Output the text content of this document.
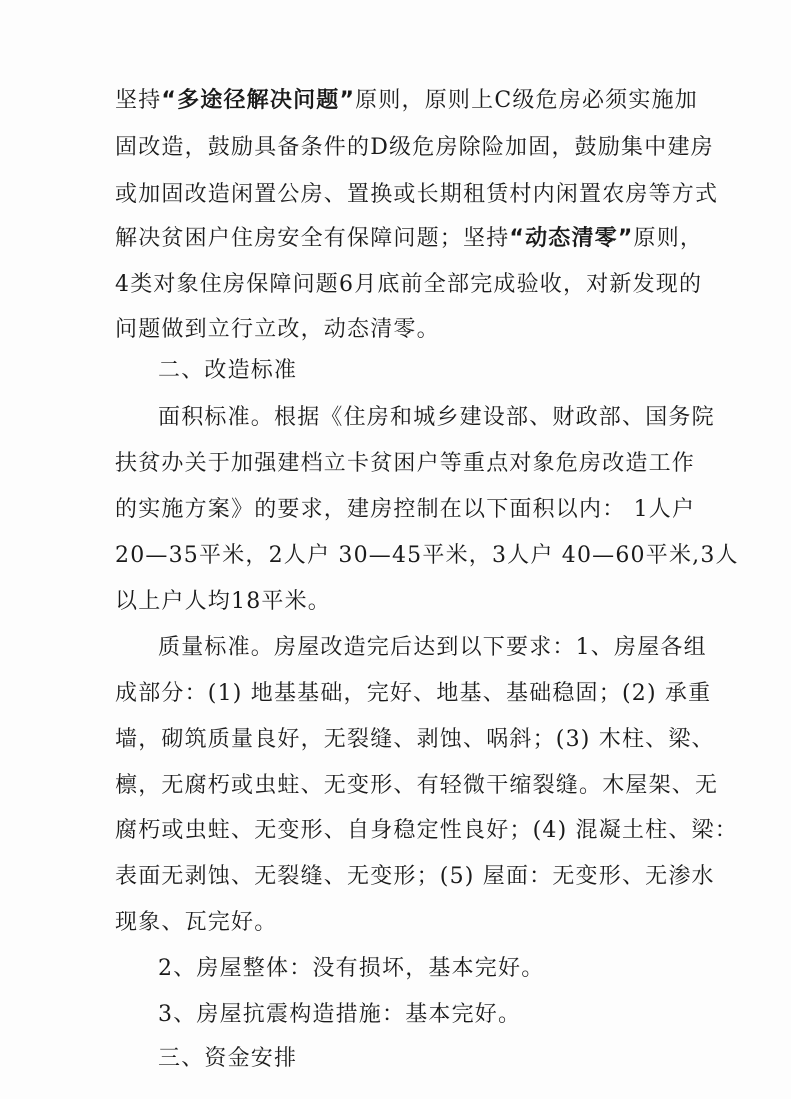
坚持“多途径解决问题”原则，原则上C级危房必须实施加
固改造，鼓励具备条件的D级危房除险加固，鼓励集中建房
或加固改造闲置公房、置换或长期租赁村内闲置农房等方式
解决贫困户住房安全有保障问题；坚持“动态清零”原则，
4类对象住房保障问题6月底前全部完成验收，对新发现的
问题做到立行立改，动态清零。
二、改造标准
面积标准。根据《住房和城乡建设部、财政部、国务院
扶贫办关于加强建档立卡贫困户等重点对象危房改造工作
的实施方案》的要求，建房控制在以下面积以内： 1人户
20—35平米，2人户 30—45平米，3人户 40—60平米,3人
以上户人均18平米。
质量标准。房屋改造完后达到以下要求：1、房屋各组
成部分：(1) 地基基础，完好、地基、基础稳固；(2) 承重
墙，砌筑质量良好，无裂缝、剥蚀、㖞斜；(3) 木柱、梁、
檩，无腐朽或虫蛀、无变形、有轻微干缩裂缝。木屋架、无
腐朽或虫蛀、无变形、自身稳定性良好；(4) 混凝土柱、梁：
表面无剥蚀、无裂缝、无变形；(5) 屋面：无变形、无渗水
现象、瓦完好。
2、房屋整体：没有损坏，基本完好。
3、房屋抗震构造措施：基本完好。
三、资金安排
